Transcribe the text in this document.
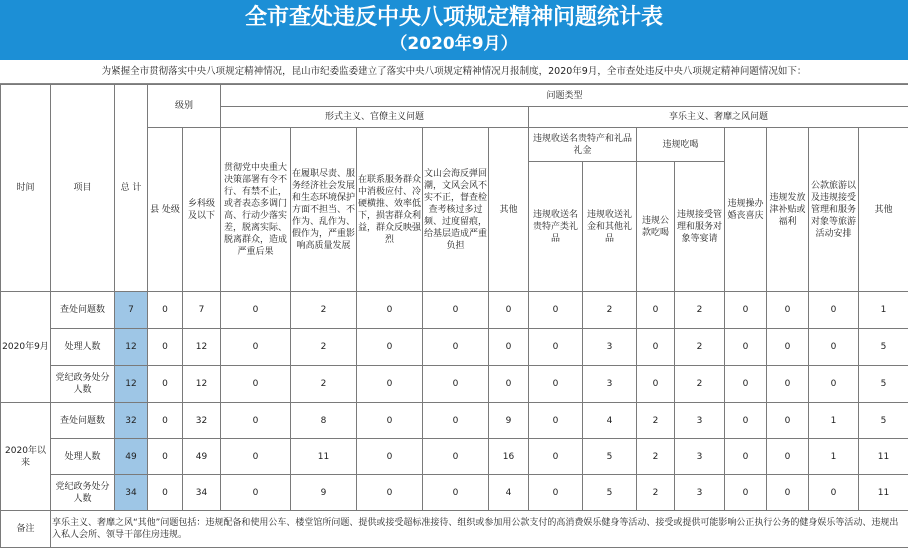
全市查处违反中央八项规定精神问题统计表
（2020年9月）
为紧握全市贯彻落实中央八项规定精神情况，昆山市纪委监委建立了落实中央八项规定精神情况月报制度，2020年9月，全市查处违反中央八项规定精神问题情况如下：
时间	项目	总 计	级别		问题类型												
					形式主义、官僚主义问题					享乐主义、奢靡之风问题							
			县 处级	乡科级及以下	贯彻党中央重大决策部署有令不行、有禁不止，或者表态多调门高、行动少落实差，脱离实际、脱离群众，造成严重后果	在履职尽责、服务经济社会发展和生态环境保护方面不担当、不作为、乱作为、假作为，严重影响高质量发展	在联系服务群众中消极应付、冷硬横推、效率低下，损害群众利益，群众反映强烈	文山会海反弹回潮，文风会风不实不正，督查检查考核过多过频、过度留痕，给基层造成严重负担	其他	违规收送名贵特产和礼品礼金		违规吃喝		违规操办婚丧喜庆	违规发放津补贴或福利	公款旅游以及违规接受管理和服务对象等旅游活动安排	其他
										违规收送名贵特产类礼品	违规收送礼金和其他礼品	违规公款吃喝	违规接受管理和服务对象等宴请				

2020年9月	查处问题数	7	0	7	0	2	0	0	0	0	2	0	2	0	0	0	1
	处理人数	12	0	12	0	2	0	0	0	0	3	0	2	0	0	0	5
	党纪政务处分人数	12	0	12	0	2	0	0	0	0	3	0	2	0	0	0	5
2020年以来	查处问题数	32	0	32	0	8	0	0	9	0	4	2	3	0	0	1	5
	处理人数	49	0	49	0	11	0	0	16	0	5	2	3	0	0	1	11
	党纪政务处分人数	34	0	34	0	9	0	0	4	0	5	2	3	0	0	0	11
备注	享乐主义、奢靡之风“其他”问题包括：违规配备和使用公车、楼堂馆所问题、提供或接受超标准接待、组织或参加用公款支付的高消费娱乐健身等活动、接受或提供可能影响公正执行公务的健身娱乐等活动、违规出入私人会所、领导干部住房违规。																
